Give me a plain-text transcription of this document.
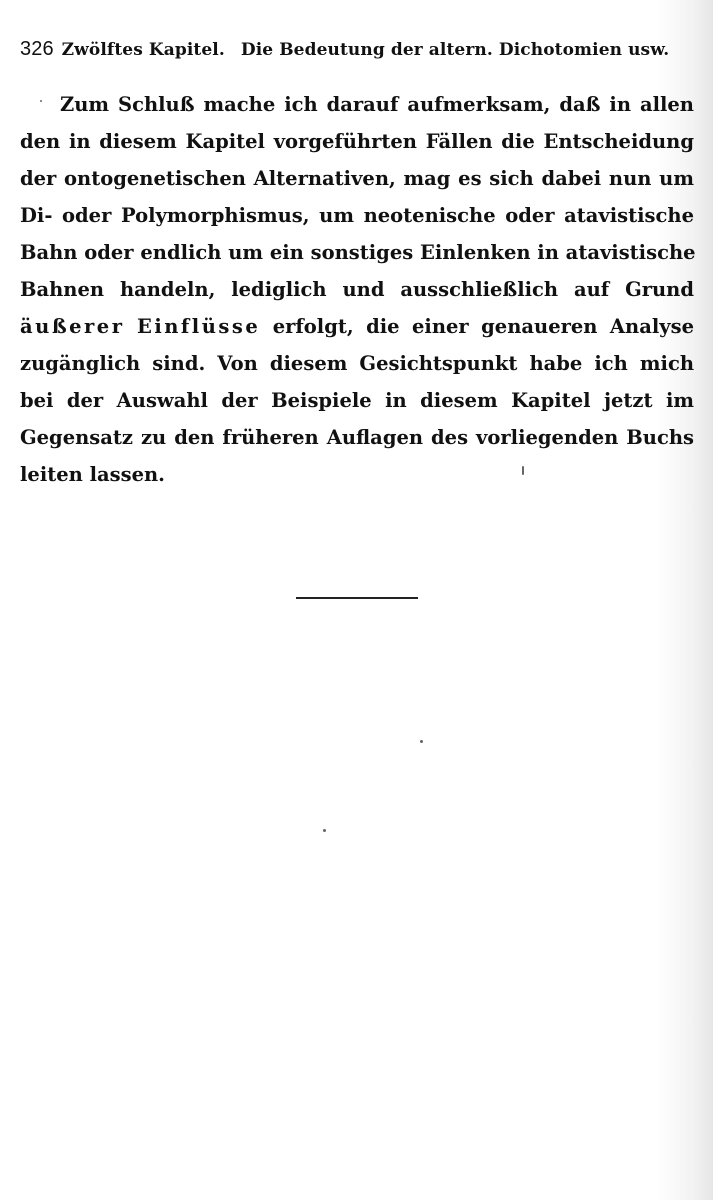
326 Zwölftes Kapitel. Die Bedeutung der altern. Dichotomien usw.
Zum Schluß mache ich darauf aufmerksam, daß in allen
den in diesem Kapitel vorgeführten Fällen die Entscheidung
der ontogenetischen Alternativen, mag es sich dabei nun um
Di- oder Polymorphismus, um neotenische oder atavistische
Bahn oder endlich um ein sonstiges Einlenken in atavistische
Bahnen handeln, lediglich und ausschließlich auf Grund
äußerer Einflüsse erfolgt, die einer genaueren Analyse
zugänglich sind. Von diesem Gesichtspunkt habe ich mich
bei der Auswahl der Beispiele in diesem Kapitel jetzt im
Gegensatz zu den früheren Auflagen des vorliegenden Buchs
leiten lassen.
